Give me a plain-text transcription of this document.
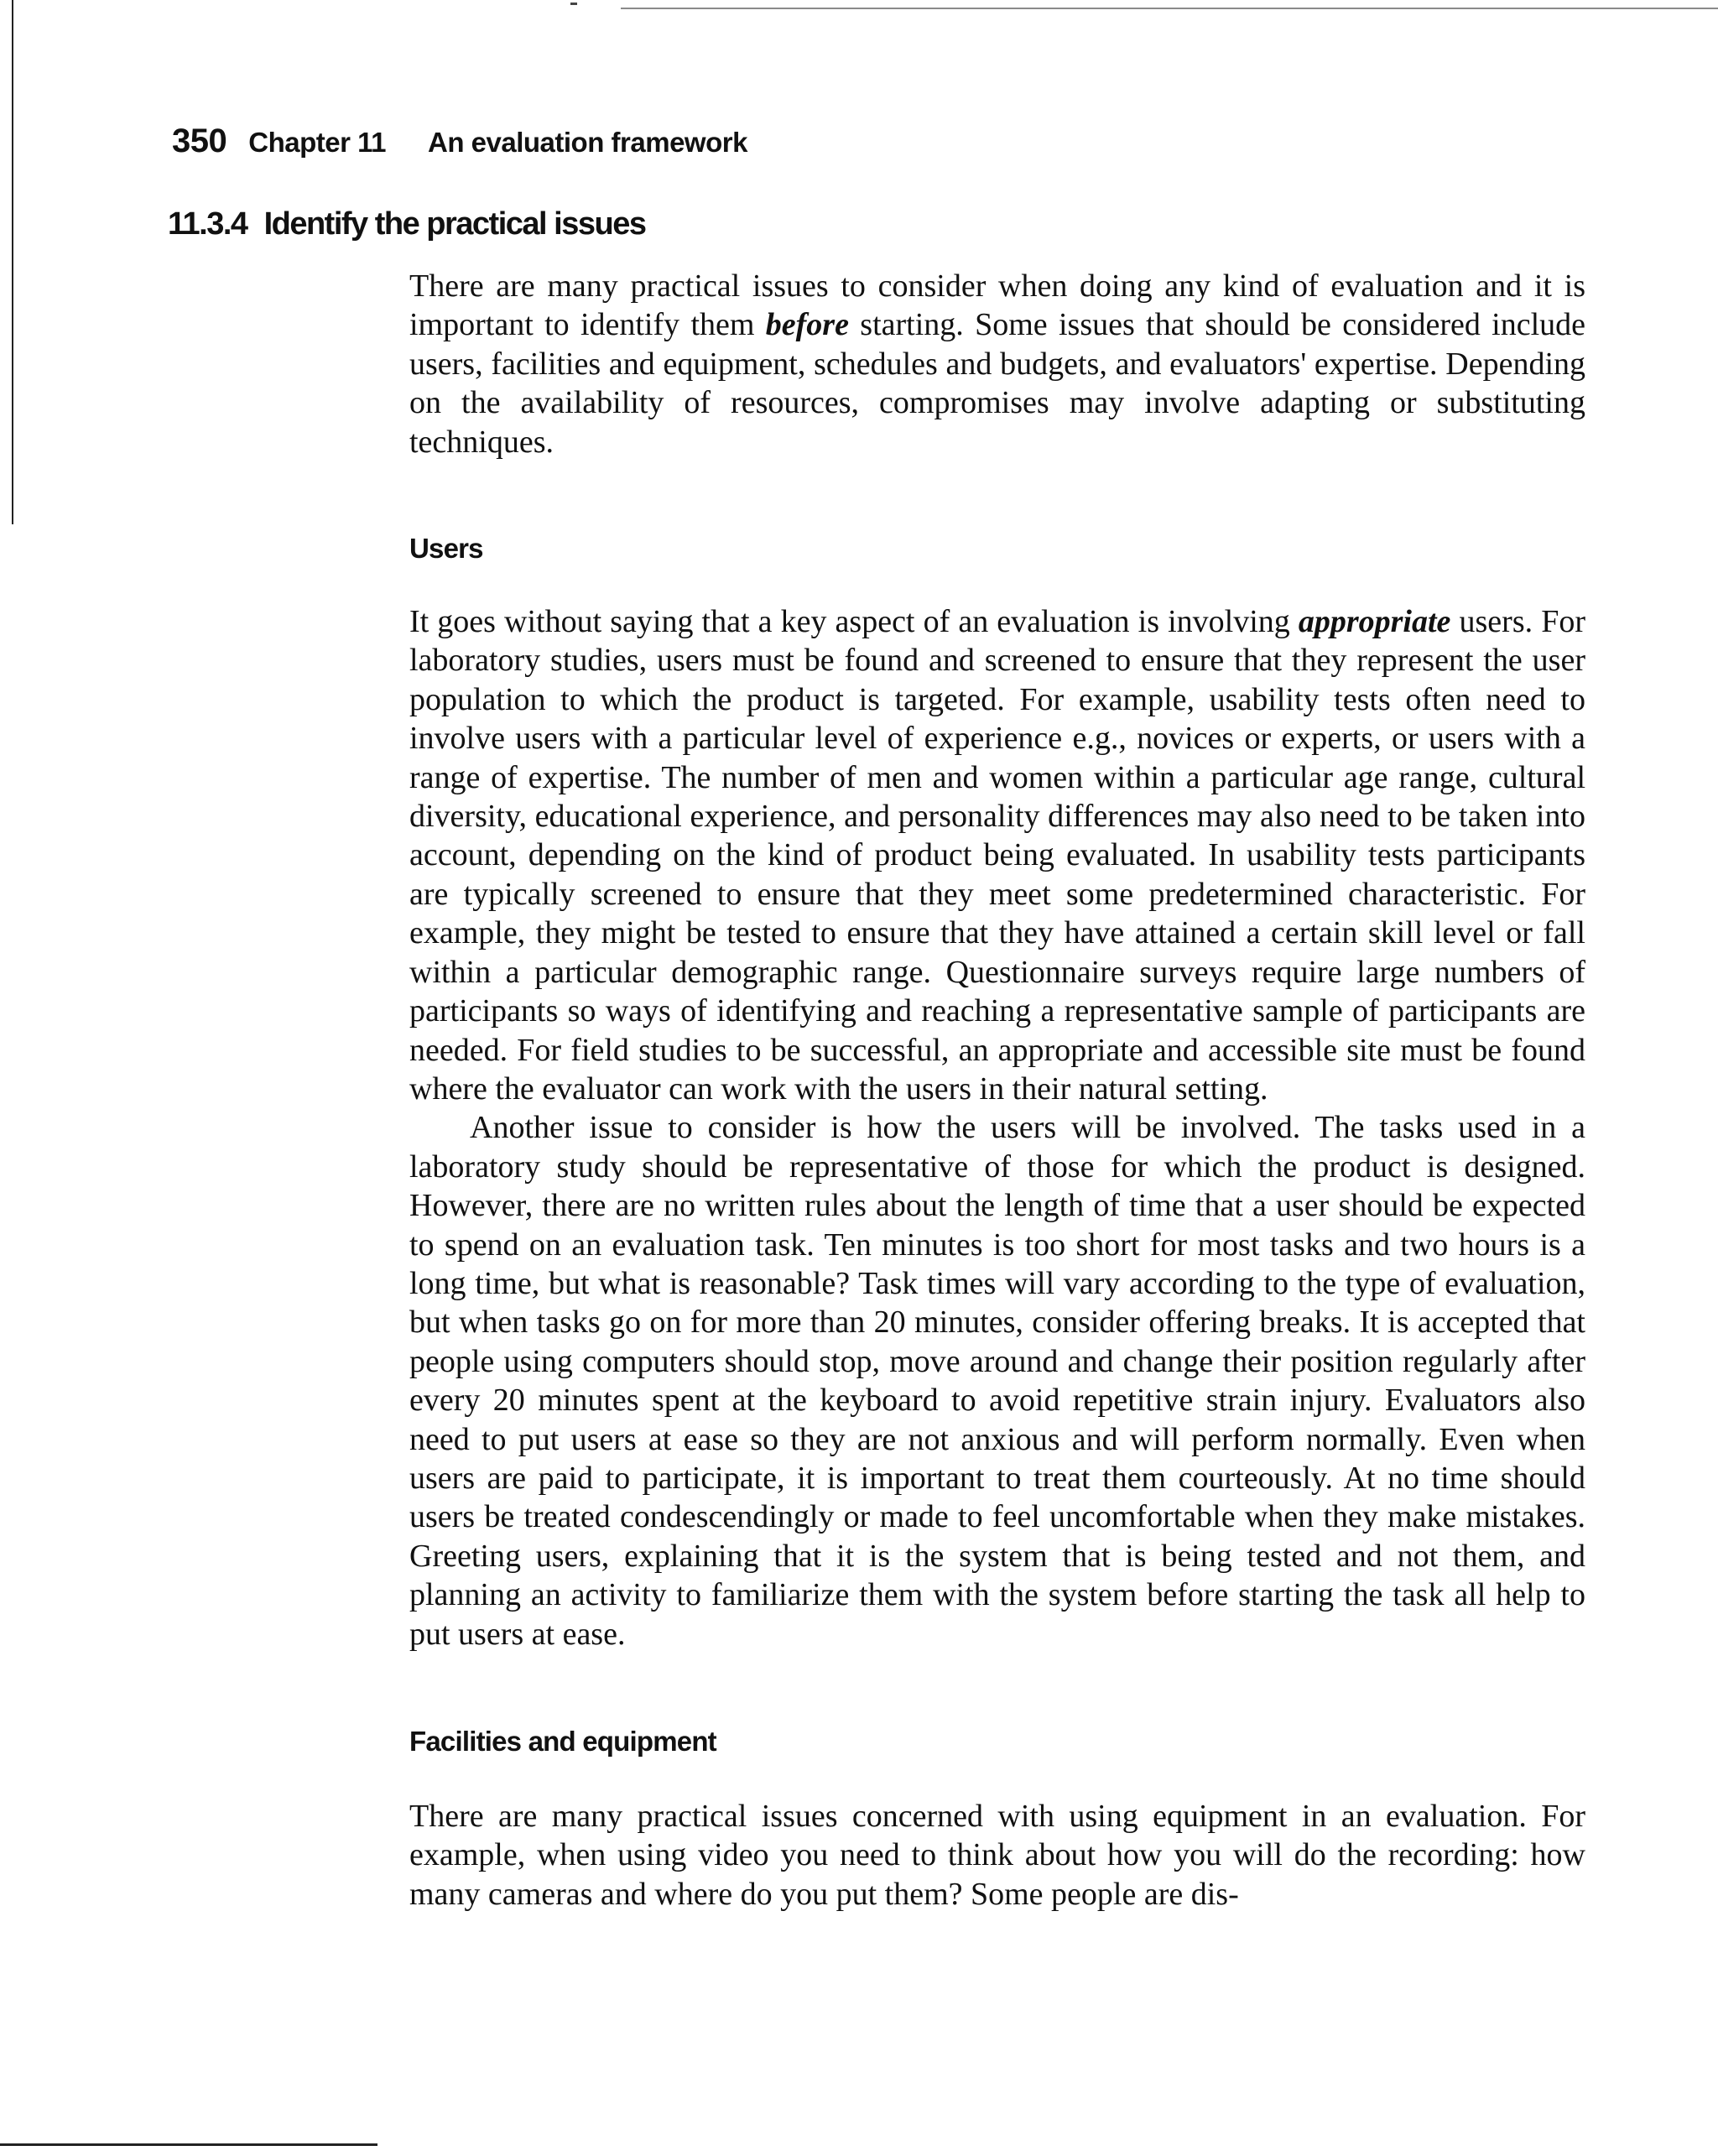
350 Chapter 11 An evaluation framework
11.3.4 Identify the practical issues

There are many practical issues to consider when doing any kind of evaluation and it is important to identify them before starting. Some issues that should be considered include users, facilities and equipment, schedules and budgets, and evaluators' expertise. Depending on the availability of resources, compromises may involve adapting or substituting techniques.

Users

It goes without saying that a key aspect of an evaluation is involving appropriate users. For laboratory studies, users must be found and screened to ensure that they represent the user population to which the product is targeted. For example, usability tests often need to involve users with a particular level of experience e.g., novices or experts, or users with a range of expertise. The number of men and women within a particular age range, cultural diversity, educational experience, and personality differences may also need to be taken into account, depending on the kind of product being evaluated. In usability tests participants are typically screened to ensure that they meet some predetermined characteristic. For example, they might be tested to ensure that they have attained a certain skill level or fall within a particular demographic range. Questionnaire surveys require large numbers of participants so ways of identifying and reaching a representative sample of participants are needed. For field studies to be successful, an appropriate and accessible site must be found where the evaluator can work with the users in their natural setting.

Another issue to consider is how the users will be involved. The tasks used in a laboratory study should be representative of those for which the product is designed. However, there are no written rules about the length of time that a user should be expected to spend on an evaluation task. Ten minutes is too short for most tasks and two hours is a long time, but what is reasonable? Task times will vary according to the type of evaluation, but when tasks go on for more than 20 minutes, consider offering breaks. It is accepted that people using computers should stop, move around and change their position regularly after every 20 minutes spent at the keyboard to avoid repetitive strain injury. Evaluators also need to put users at ease so they are not anxious and will perform normally. Even when users are paid to participate, it is important to treat them courteously. At no time should users be treated condescendingly or made to feel uncomfortable when they make mistakes. Greeting users, explaining that it is the system that is being tested and not them, and planning an activity to familiarize them with the system before starting the task all help to put users at ease.

Facilities and equipment

There are many practical issues concerned with using equipment in an evaluation. For example, when using video you need to think about how you will do the recording: how many cameras and where do you put them? Some people are dis-
